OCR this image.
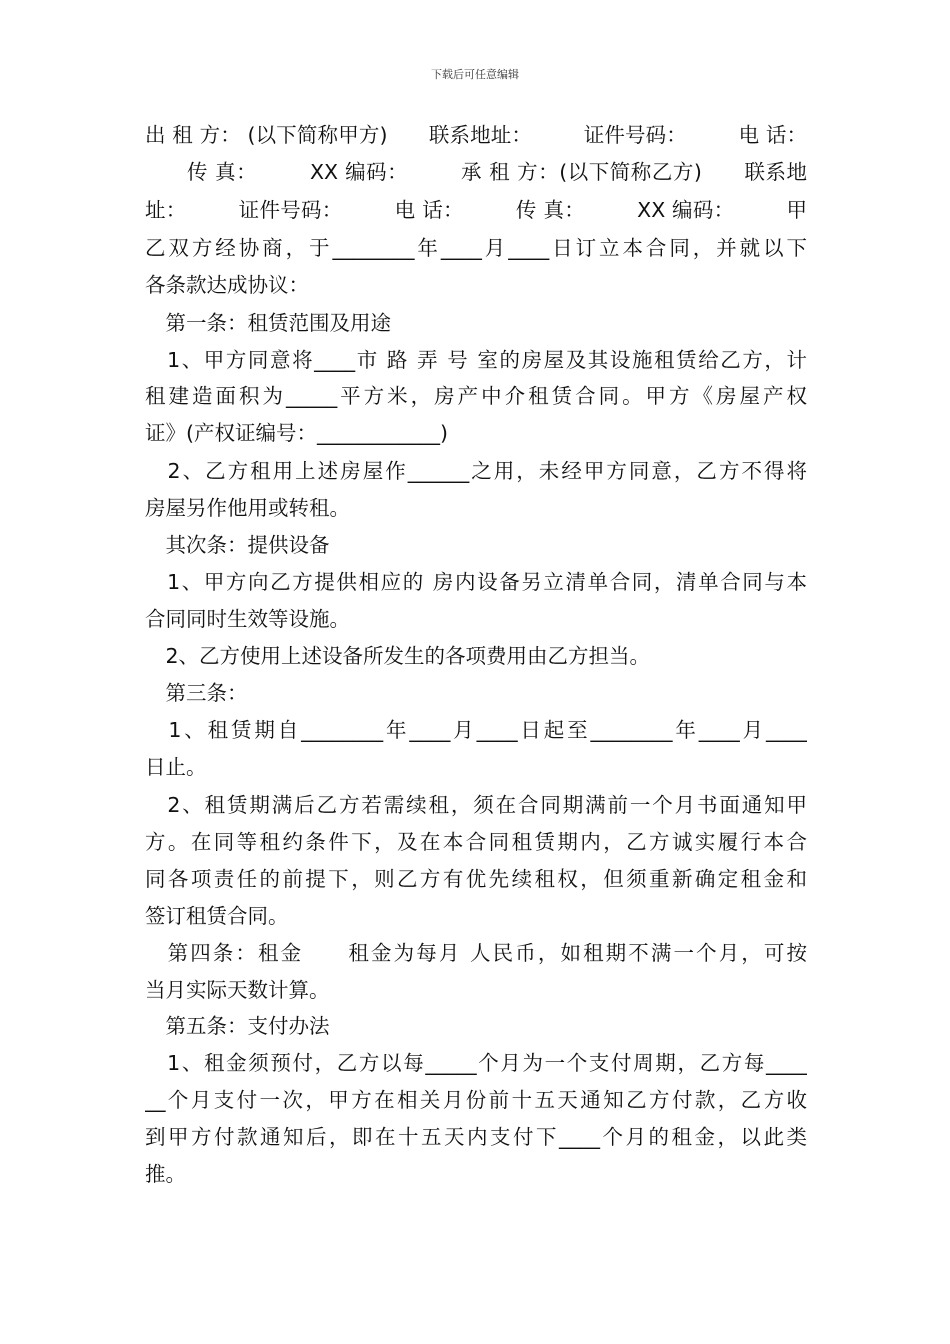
下载后可任意编辑
出 租 方： (以下简称甲方)　　联系地址：　　　证件号码：　　　电 话：
　　传 真：　　　XX 编码：　　　承 租 方：(以下简称乙方)　　联系地
址：　　　证件号码：　　　电 话：　　　传 真：　　　XX 编码：　　　甲
乙双方经协商，于________年____月____日订立本合同，并就以下
各条款达成协议：
　第一条：租赁范围及用途
　1、甲方同意将____市 路 弄 号 室的房屋及其设施租赁给乙方，计
租建造面积为_____平方米，房产中介租赁合同。甲方《房屋产权
证》(产权证编号：____________)
　2、乙方租用上述房屋作______之用，未经甲方同意，乙方不得将
房屋另作他用或转租。
　其次条：提供设备
　1、甲方向乙方提供相应的 房内设备另立清单合同，清单合同与本
合同同时生效等设施。
　2、乙方使用上述设备所发生的各项费用由乙方担当。
　第三条：
　1、租赁期自________年____月____日起至________年____月____
日止。
　2、租赁期满后乙方若需续租，须在合同期满前一个月书面通知甲
方。在同等租约条件下，及在本合同租赁期内，乙方诚实履行本合
同各项责任的前提下，则乙方有优先续租权，但须重新确定租金和
签订租赁合同。
　第四条：租金　　租金为每月 人民币，如租期不满一个月，可按
当月实际天数计算。
　第五条：支付办法
　1、租金须预付，乙方以每_____个月为一个支付周期，乙方每____
__个月支付一次，甲方在相关月份前十五天通知乙方付款，乙方收
到甲方付款通知后，即在十五天内支付下____个月的租金，以此类
推。
